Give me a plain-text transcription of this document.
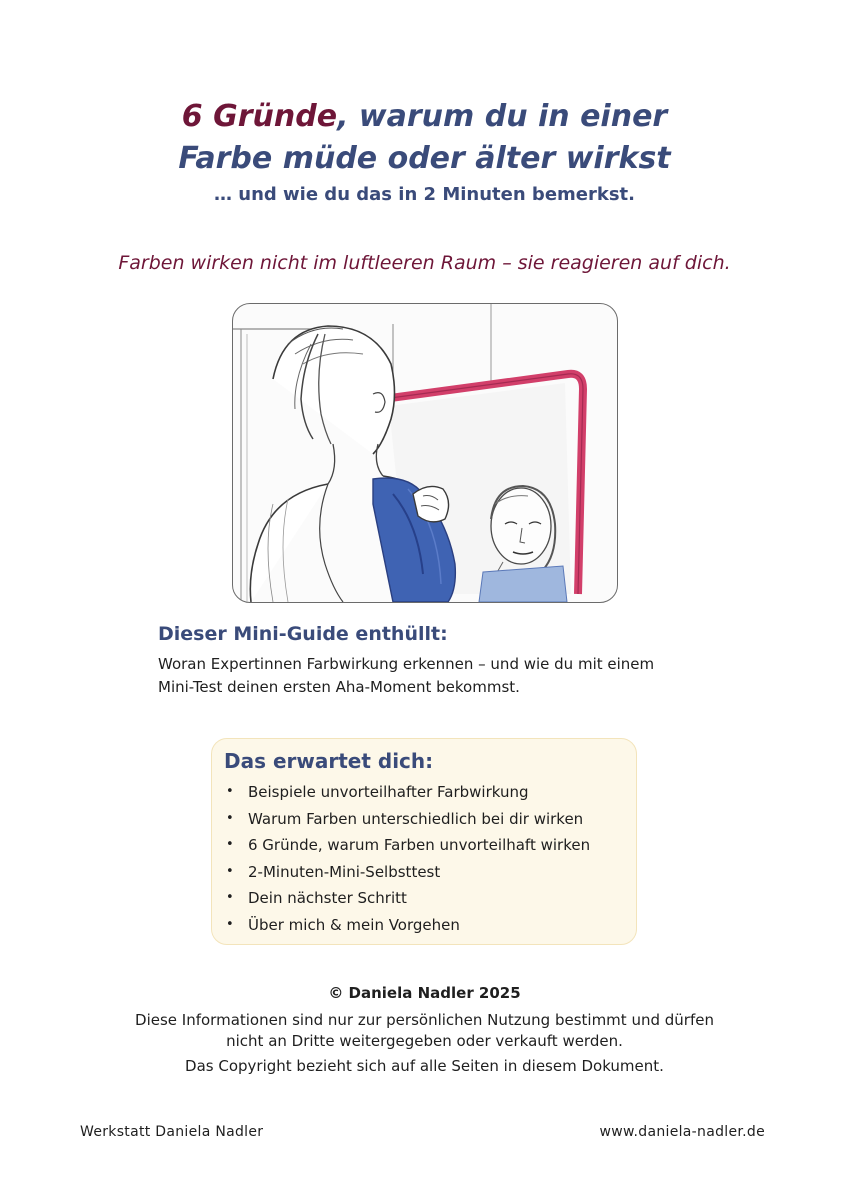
6 Gründe, warum du in einer
Farbe müde oder älter wirkst
… und wie du das in 2 Minuten bemerkst.
Farben wirken nicht im luftleeren Raum – sie reagieren auf dich.
Dieser Mini-Guide enthüllt:
Woran Expertinnen Farbwirkung erkennen – und wie du mit einem
Mini-Test deinen ersten Aha-Moment bekommst.
Das erwartet dich:
• Beispiele unvorteilhafter Farbwirkung
• Warum Farben unterschiedlich bei dir wirken
• 6 Gründe, warum Farben unvorteilhaft wirken
• 2-Minuten-Mini-Selbsttest
• Dein nächster Schritt
• Über mich & mein Vorgehen
© Daniela Nadler 2025
Diese Informationen sind nur zur persönlichen Nutzung bestimmt und dürfen
nicht an Dritte weitergegeben oder verkauft werden.
Das Copyright bezieht sich auf alle Seiten in diesem Dokument.
Werkstatt Daniela Nadler	www.daniela-nadler.de
